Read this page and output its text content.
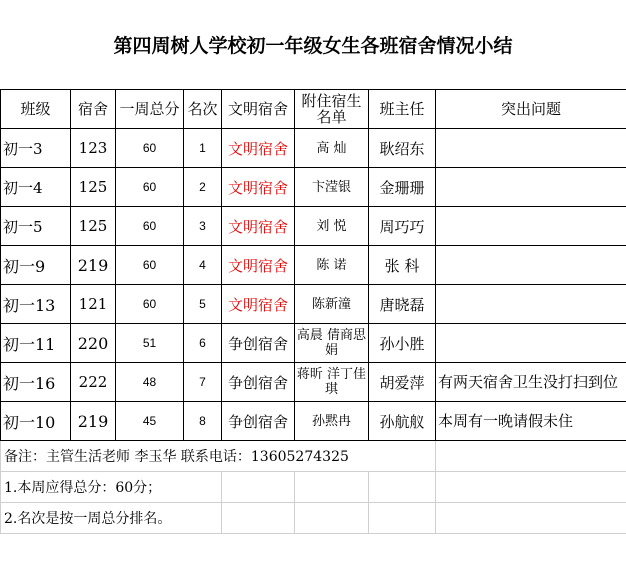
第四周树人学校初一年级女生各班宿舍情况小结
班级	宿舍	一周总分	名次	文明宿舍	附住宿生名单	班主任	突出问题
初一3	123	60	1	文明宿舍	高 灿	耿绍东	
初一4	125	60	2	文明宿舍	卞滢银	金珊珊	
初一5	125	60	3	文明宿舍	刘 悦	周巧巧	
初一9	219	60	4	文明宿舍	陈 诺	张 科	
初一13	121	60	5	文明宿舍	陈新潼	唐晓磊	
初一11	220	51	6	争创宿舍	高晨 倩商思娟	孙小胜	
初一16	222	48	7	争创宿舍	蒋昕 洋丁佳琪	胡爱萍	有两天宿舍卫生没打扫到位
初一10	219	45	8	争创宿舍	孙黙冉	孙航舣	本周有一晚请假未住
备注：主管生活老师 李玉华 联系电话：13605274325							
1.本周应得总分：60分；							
2.名次是按一周总分排名。							
